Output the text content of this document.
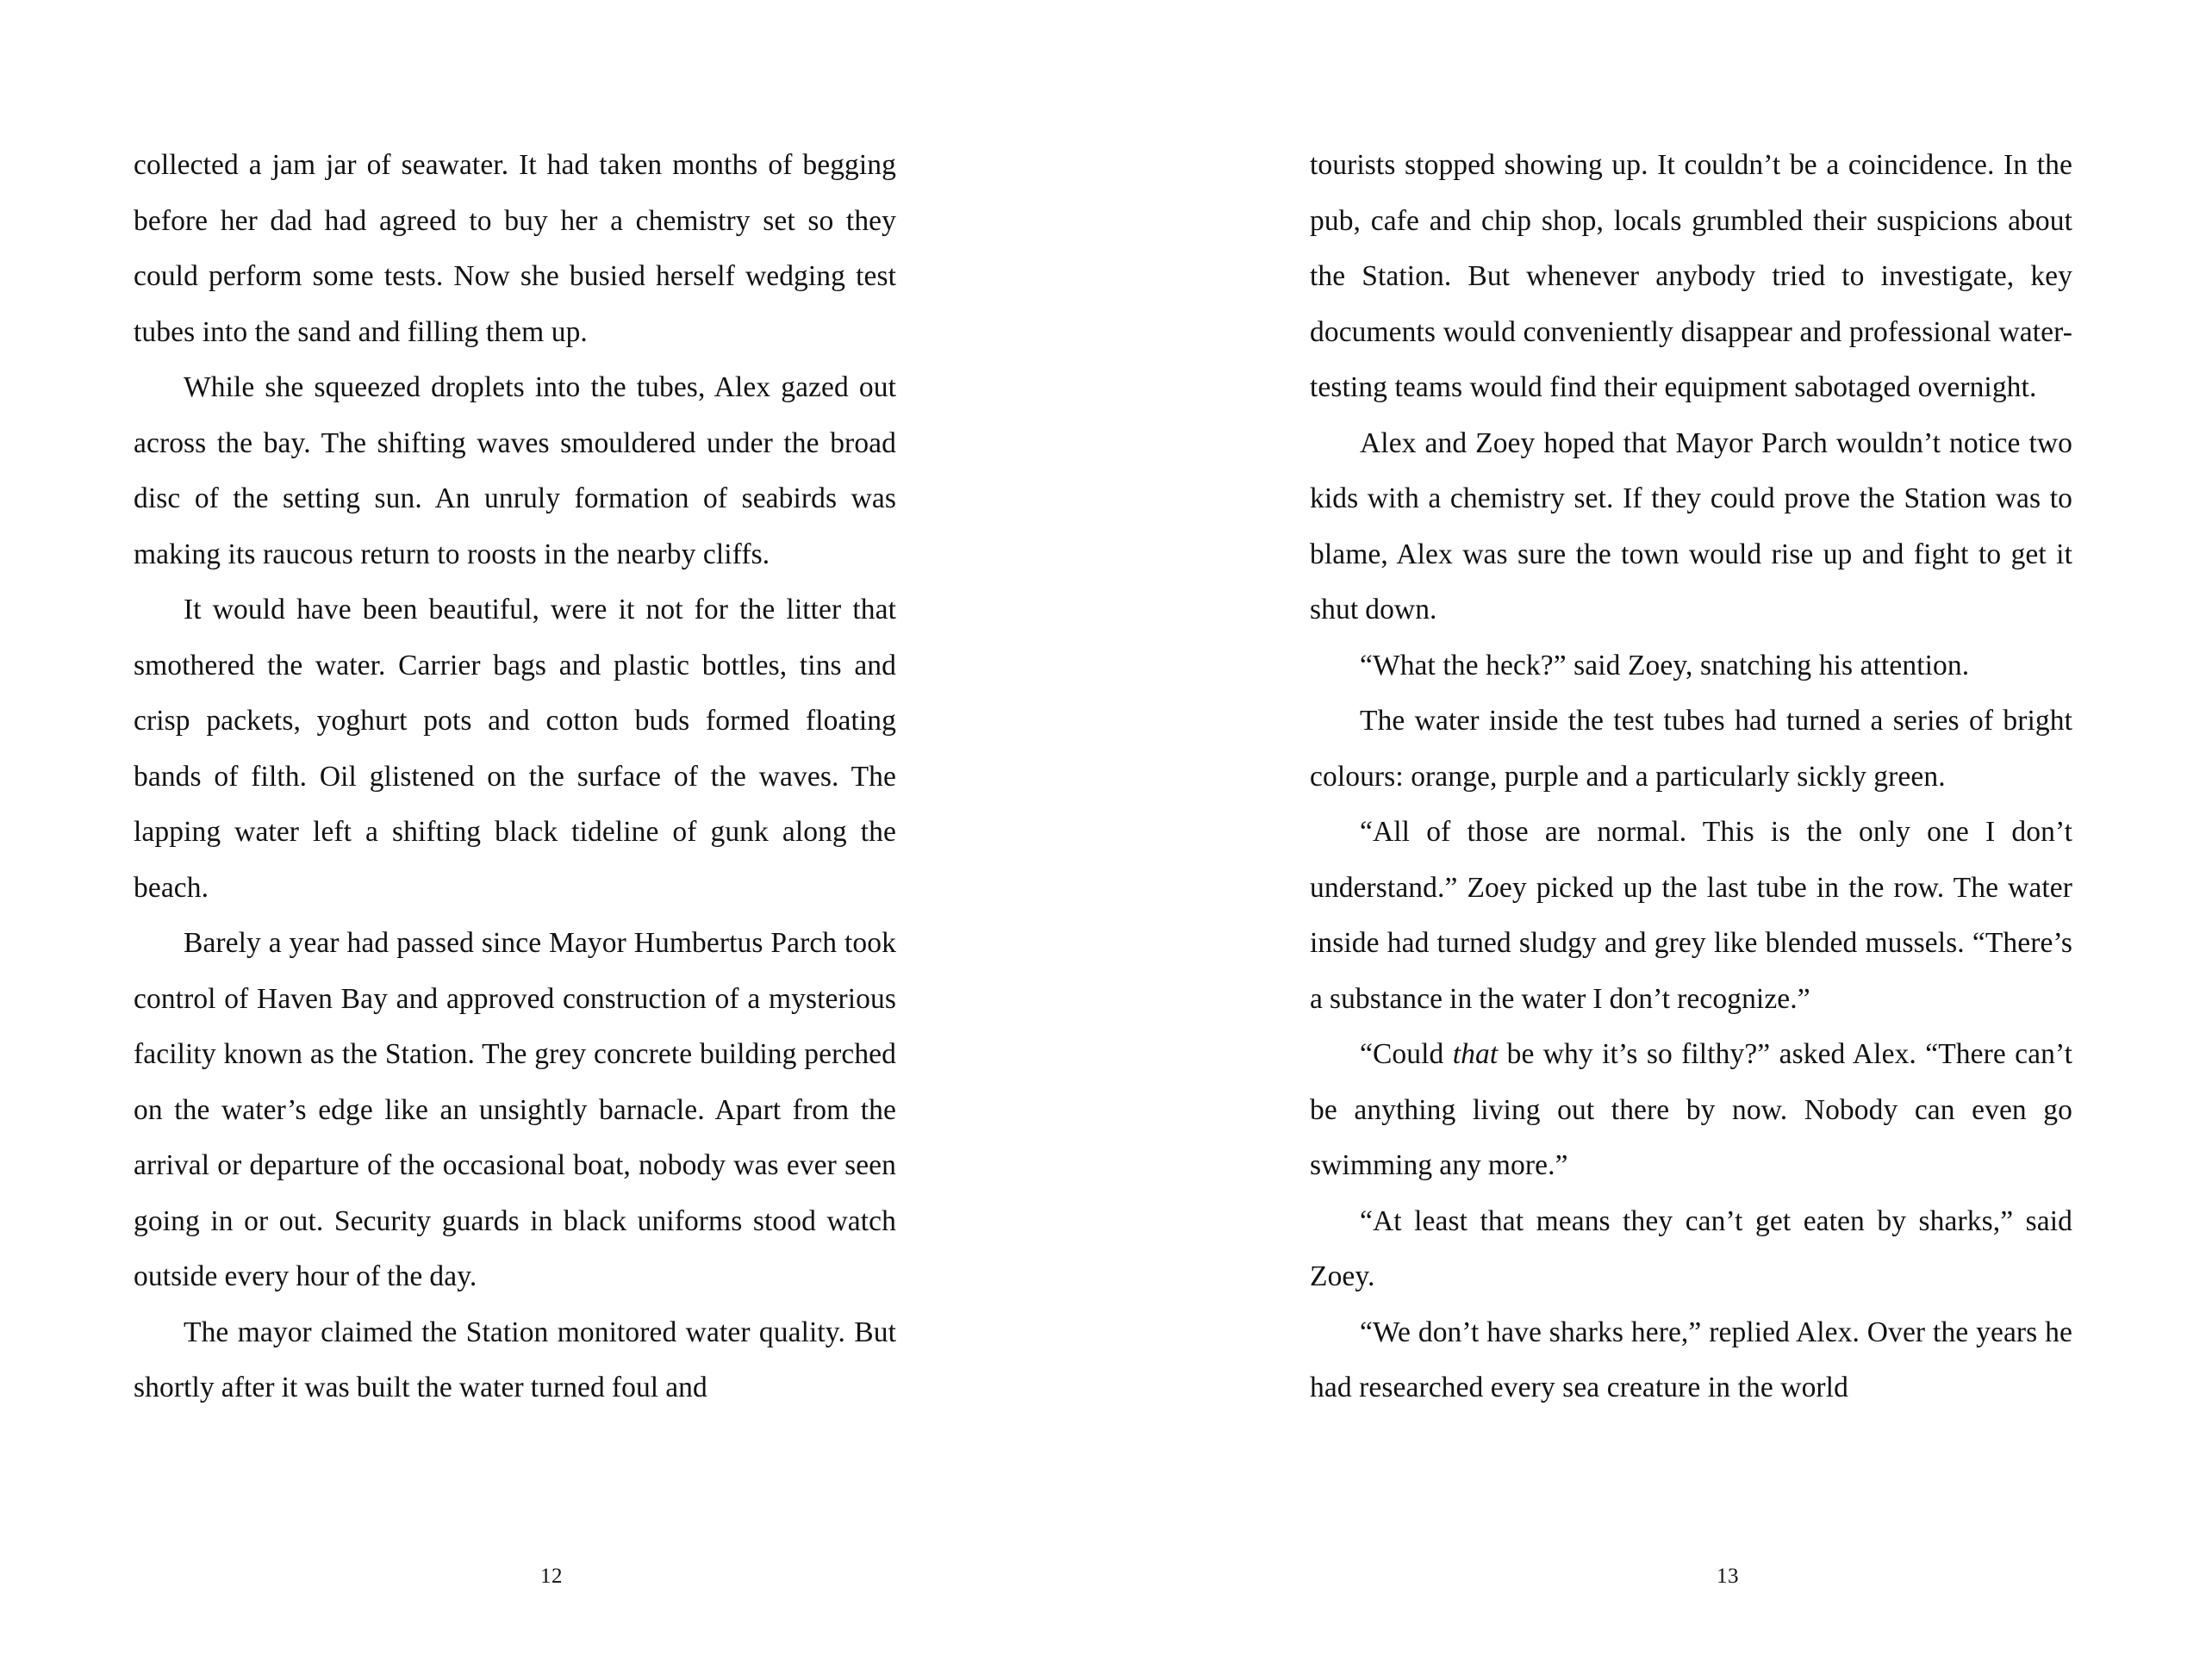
collected a jam jar of seawater. It had taken months of begging before her dad had agreed to buy her a chemistry set so they could perform some tests. Now she busied herself wedging test tubes into the sand and filling them up.

While she squeezed droplets into the tubes, Alex gazed out across the bay. The shifting waves smouldered under the broad disc of the setting sun. An unruly formation of seabirds was making its raucous return to roosts in the nearby cliffs.

It would have been beautiful, were it not for the litter that smothered the water. Carrier bags and plastic bottles, tins and crisp packets, yoghurt pots and cotton buds formed floating bands of filth. Oil glistened on the surface of the waves. The lapping water left a shifting black tideline of gunk along the beach.

Barely a year had passed since Mayor Humbertus Parch took control of Haven Bay and approved construction of a mysterious facility known as the Station. The grey concrete building perched on the water’s edge like an unsightly barnacle. Apart from the arrival or departure of the occasional boat, nobody was ever seen going in or out. Security guards in black uniforms stood watch outside every hour of the day.

The mayor claimed the Station monitored water quality. But shortly after it was built the water turned foul and

12

tourists stopped showing up. It couldn’t be a coincidence. In the pub, cafe and chip shop, locals grumbled their suspicions about the Station. But whenever anybody tried to investigate, key documents would conveniently disappear and professional water-testing teams would find their equipment sabotaged overnight.

Alex and Zoey hoped that Mayor Parch wouldn’t notice two kids with a chemistry set. If they could prove the Station was to blame, Alex was sure the town would rise up and fight to get it shut down.

“What the heck?” said Zoey, snatching his attention.

The water inside the test tubes had turned a series of bright colours: orange, purple and a particularly sickly green.

“All of those are normal. This is the only one I don’t understand.” Zoey picked up the last tube in the row. The water inside had turned sludgy and grey like blended mussels. “There’s a substance in the water I don’t recognize.”

“Could that be why it’s so filthy?” asked Alex. “There can’t be anything living out there by now. Nobody can even go swimming any more.”

“At least that means they can’t get eaten by sharks,” said Zoey.

“We don’t have sharks here,” replied Alex. Over the years he had researched every sea creature in the world

13
